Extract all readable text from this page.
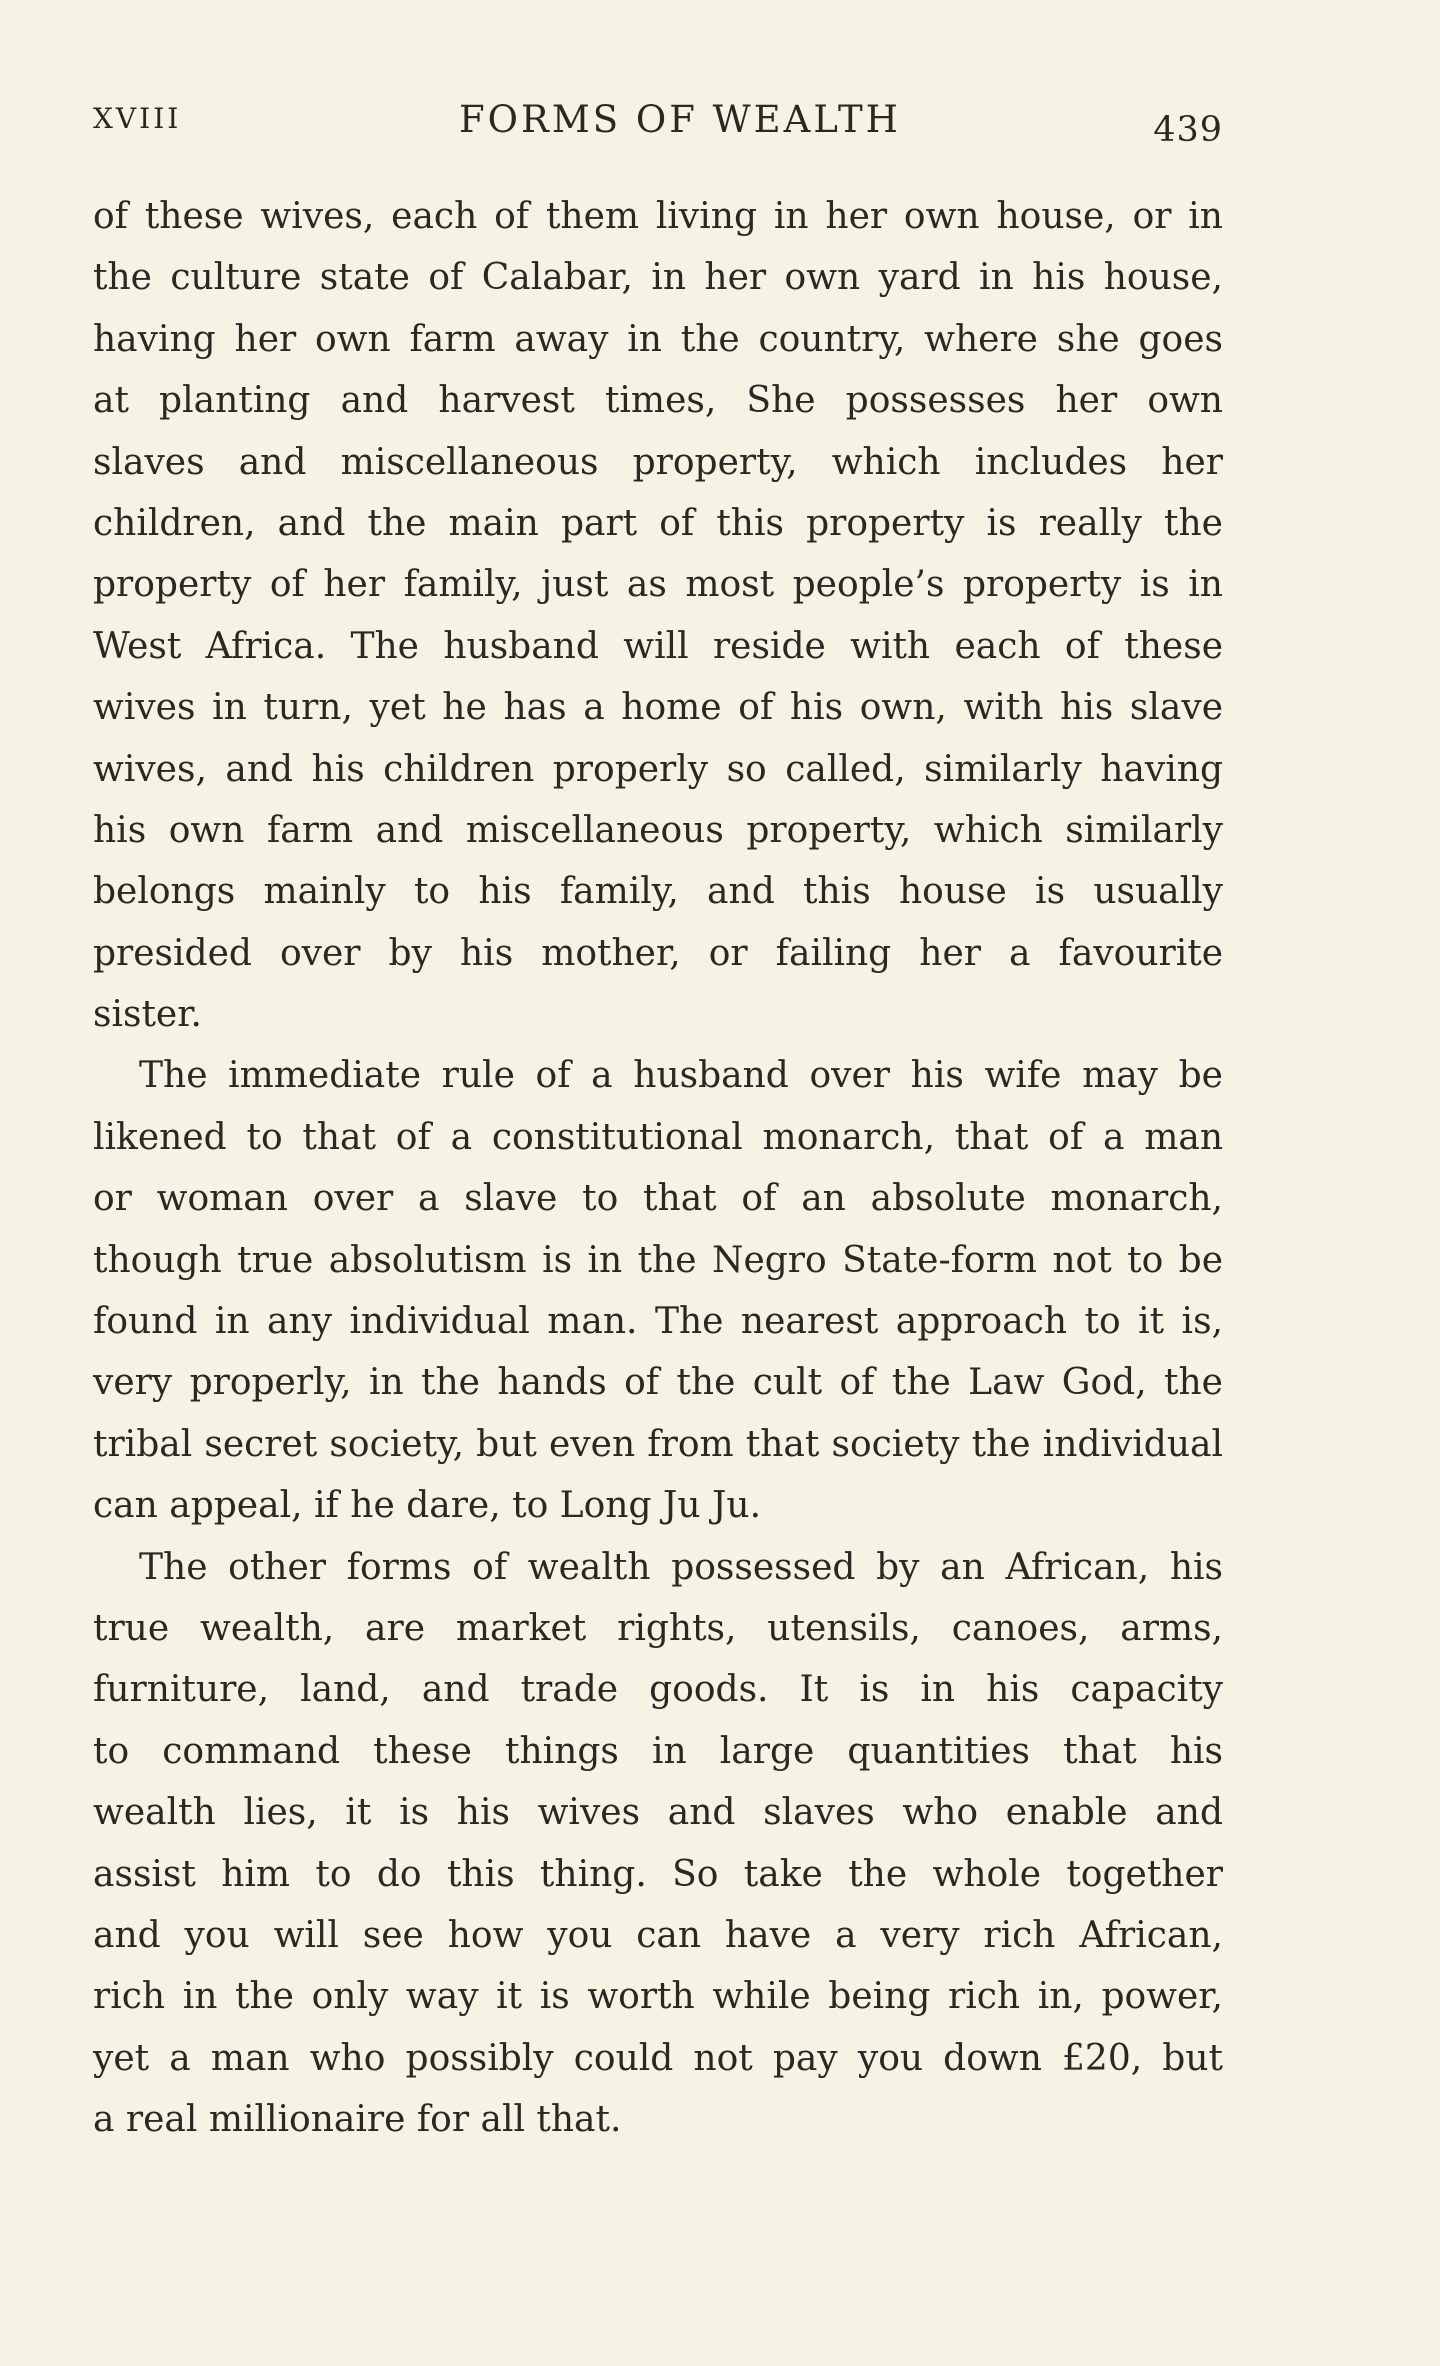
XVIII	FORMS OF WEALTH	439
of these wives, each of them living in her own house, or in
the culture state of Calabar, in her own yard in his house,
having her own farm away in the country, where she goes
at planting and harvest times, She possesses her own
slaves and miscellaneous property, which includes her
children, and the main part of this property is really the
property of her family, just as most people’s property is in
West Africa. The husband will reside with each of these
wives in turn, yet he has a home of his own, with his slave
wives, and his children properly so called, similarly having
his own farm and miscellaneous property, which similarly
belongs mainly to his family, and this house is usually
presided over by his mother, or failing her a favourite
sister.
The immediate rule of a husband over his wife may be
likened to that of a constitutional monarch, that of a man
or woman over a slave to that of an absolute monarch,
though true absolutism is in the Negro State-form not to be
found in any individual man. The nearest approach to it is,
very properly, in the hands of the cult of the Law God, the
tribal secret society, but even from that society the individual
can appeal, if he dare, to Long Ju Ju.
The other forms of wealth possessed by an African, his
true wealth, are market rights, utensils, canoes, arms,
furniture, land, and trade goods. It is in his capacity
to command these things in large quantities that his
wealth lies, it is his wives and slaves who enable and
assist him to do this thing. So take the whole together
and you will see how you can have a very rich African,
rich in the only way it is worth while being rich in, power,
yet a man who possibly could not pay you down £20, but
a real millionaire for all that.
